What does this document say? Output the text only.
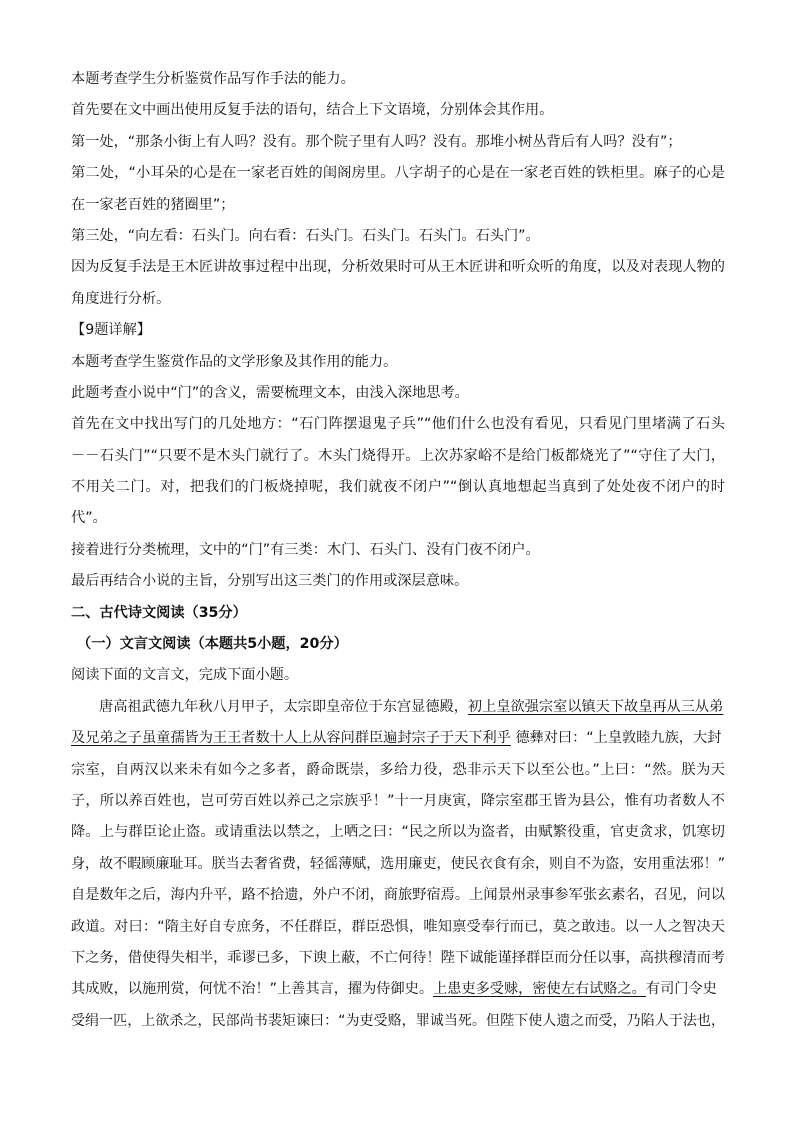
本题考查学生分析鉴赏作品写作手法的能力。
首先要在文中画出使用反复手法的语句，结合上下文语境，分别体会其作用。
第一处，“那条小街上有人吗？没有。那个院子里有人吗？没有。那堆小树丛背后有人吗？没有”；
第二处，“小耳朵的心是在一家老百姓的闺阁房里。八字胡子的心是在一家老百姓的铁柜里。麻子的心是
在一家老百姓的猪圈里”；
第三处，“向左看：石头门。向右看：石头门。石头门。石头门。石头门”。
因为反复手法是王木匠讲故事过程中出现，分析效果时可从王木匠讲和听众听的角度，以及对表现人物的
角度进行分析。
【9题详解】
本题考查学生鉴赏作品的文学形象及其作用的能力。
此题考查小说中“门”的含义，需要梳理文本，由浅入深地思考。
首先在文中找出写门的几处地方：“石门阵摆退鬼子兵”“他们什么也没有看见，只看见门里堵满了石头
－－石头门”“只要不是木头门就行了。木头门烧得开。上次苏家峪不是给门板都烧光了”“守住了大门，
不用关二门。对，把我们的门板烧掉呢，我们就夜不闭户”“倒认真地想起当真到了处处夜不闭户的时
代”。
接着进行分类梳理，文中的“门”有三类：木门、石头门、没有门夜不闭户。
最后再结合小说的主旨，分别写出这三类门的作用或深层意味。
二、古代诗文阅读（35分）
（一）文言文阅读（本题共5小题，20分）
阅读下面的文言文，完成下面小题。
唐高祖武德九年秋八月甲子，太宗即皇帝位于东宫显德殿，初上皇欲强宗室以镇天下故皇再从三从弟
及兄弟之子虽童孺皆为王王者数十人上从容问群臣遍封宗子于天下利乎 德彝对曰：“上皇敦睦九族，大封
宗室，自两汉以来未有如今之多者，爵命既崇，多给力役，恐非示天下以至公也。”上曰：“然。朕为天
子，所以养百姓也，岂可劳百姓以养己之宗族乎！”十一月庚寅，降宗室郡王皆为县公，惟有功者数人不
降。上与群臣论止盗。或请重法以禁之，上哂之曰：“民之所以为盗者，由赋繁役重，官吏贪求，饥寒切
身，故不暇顾廉耻耳。朕当去奢省费，轻徭薄赋，选用廉吏，使民衣食有余，则自不为盗，安用重法邪！”
自是数年之后，海内升平，路不拾遗，外户不闭，商旅野宿焉。上闻景州录事参军张玄素名，召见，问以
政道。对曰：“隋主好自专庶务，不任群臣，群臣恐惧，唯知禀受奉行而已，莫之敢违。以一人之智决天
下之务，借使得失相半，乖谬已多，下谀上蔽，不亡何待！陛下诚能谨择群臣而分任以事，高拱穆清而考
其成败，以施刑赏，何忧不治！”上善其言，擢为侍御史。上患吏多受赇，密使左右试赂之。有司门令史
受绢一匹，上欲杀之，民部尚书裴矩谏曰：“为吏受赂，罪诚当死。但陛下使人遗之而受，乃陷人于法也，
